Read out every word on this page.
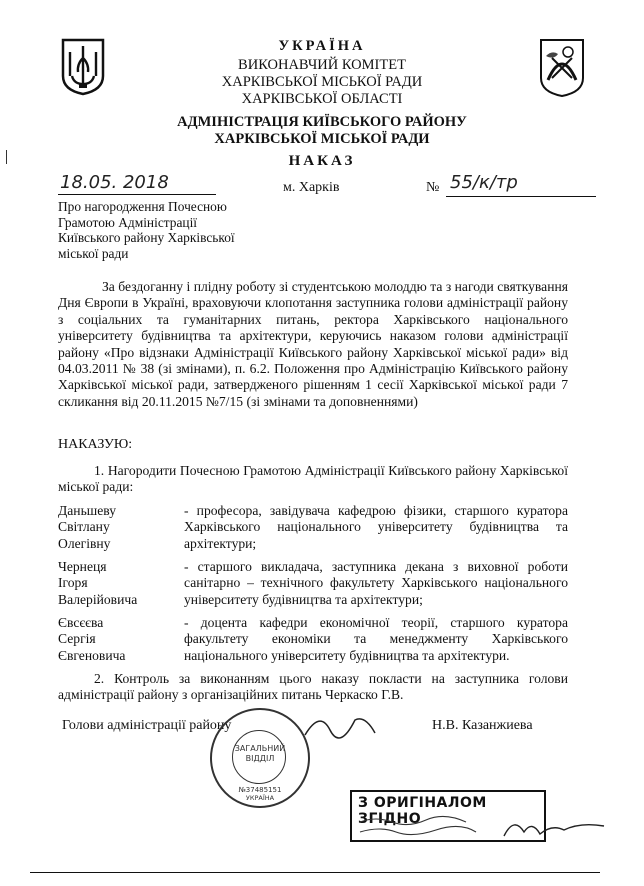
УКРАЇНА
ВИКОНАВЧИЙ КОМІТЕТ
ХАРКІВСЬКОЇ МІСЬКОЇ РАДИ
ХАРКІВСЬКОЇ ОБЛАСТІ
АДМІНІСТРАЦІЯ КИЇВСЬКОГО РАЙОНУ
ХАРКІВСЬКОЇ МІСЬКОЇ РАДИ
НАКАЗ
18.05. 2018	м. Харків	№ 55/к/тр
Про нагородження Почесною
Грамотою Адміністрації
Київського району Харківської
міської ради
За бездоганну і плідну роботу зі студентською молоддю та з нагоди святкування Дня Європи в Україні, враховуючи клопотання заступника голови адміністрації району з соціальних та гуманітарних питань, ректора Харківського національного університету будівництва та архітектури, керуючись наказом голови адміністрації району «Про відзнаки Адміністрації Київського району Харківської міської ради» від 04.03.2011 № 38 (зі змінами), п. 6.2. Положення про Адміністрацію Київського району Харківської міської ради, затвердженого рішенням 1 сесії Харківської міської ради 7 скликання від 20.11.2015 №7/15 (зі змінами та доповненнями)
НАКАЗУЮ:
1. Нагородити Почесною Грамотою Адміністрації Київського району Харківської міської ради:
Даньшеву
Світлану
Олегівну
- професора, завідувача кафедрою фізики, старшого куратора Харківського національного університету будівництва та архітектури;
Чернеця
Ігоря
Валерійовича
- старшого викладача, заступника декана з виховної роботи санітарно – технічного факультету Харківського національного університету будівництва та архітектури;
Євсєєва
Сергія
Євгеновича
- доцента кафедри економічної теорії, старшого куратора факультету економіки та менеджменту Харківського національного університету будівництва та архітектури.
2. Контроль за виконанням цього наказу покласти на заступника голови адміністрації району з організаційних питань Черкаско Г.В.
Голови адміністрації району	Н.В. Казанжиева
ЗАГАЛЬНИЙ ВІДДІЛ
№37485151
УКРАЇНА	З ОРИГІНАЛОМ ЗГІДНО
